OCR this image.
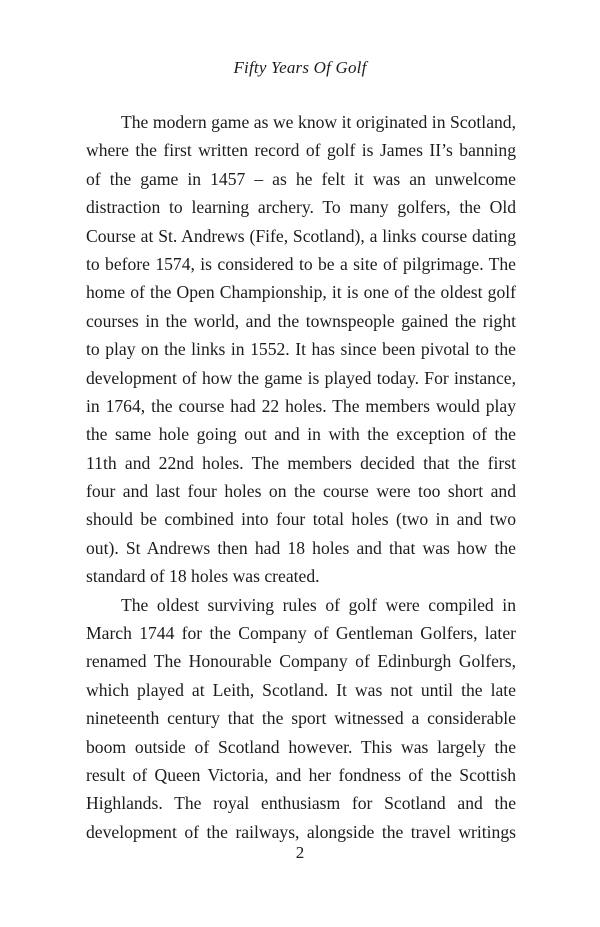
Fifty Years Of Golf
The modern game as we know it originated in Scotland,
where the first written record of golf is James II’s banning
of the game in 1457 – as he felt it was an unwelcome
distraction to learning archery. To many golfers, the Old
Course at St. Andrews (Fife, Scotland), a links course dating
to before 1574, is considered to be a site of pilgrimage. The
home of the Open Championship, it is one of the oldest golf
courses in the world, and the townspeople gained the right
to play on the links in 1552. It has since been pivotal to the
development of how the game is played today. For instance,
in 1764, the course had 22 holes. The members would play
the same hole going out and in with the exception of the
11th and 22nd holes. The members decided that the first
four and last four holes on the course were too short and
should be combined into four total holes (two in and two
out). St Andrews then had 18 holes and that was how the
standard of 18 holes was created.
The oldest surviving rules of golf were compiled in
March 1744 for the Company of Gentleman Golfers, later
renamed The Honourable Company of Edinburgh Golfers,
which played at Leith, Scotland. It was not until the late
nineteenth century that the sport witnessed a considerable
boom outside of Scotland however. This was largely the
result of Queen Victoria, and her fondness of the Scottish
Highlands. The royal enthusiasm for Scotland and the
development of the railways, alongside the travel writings
2
